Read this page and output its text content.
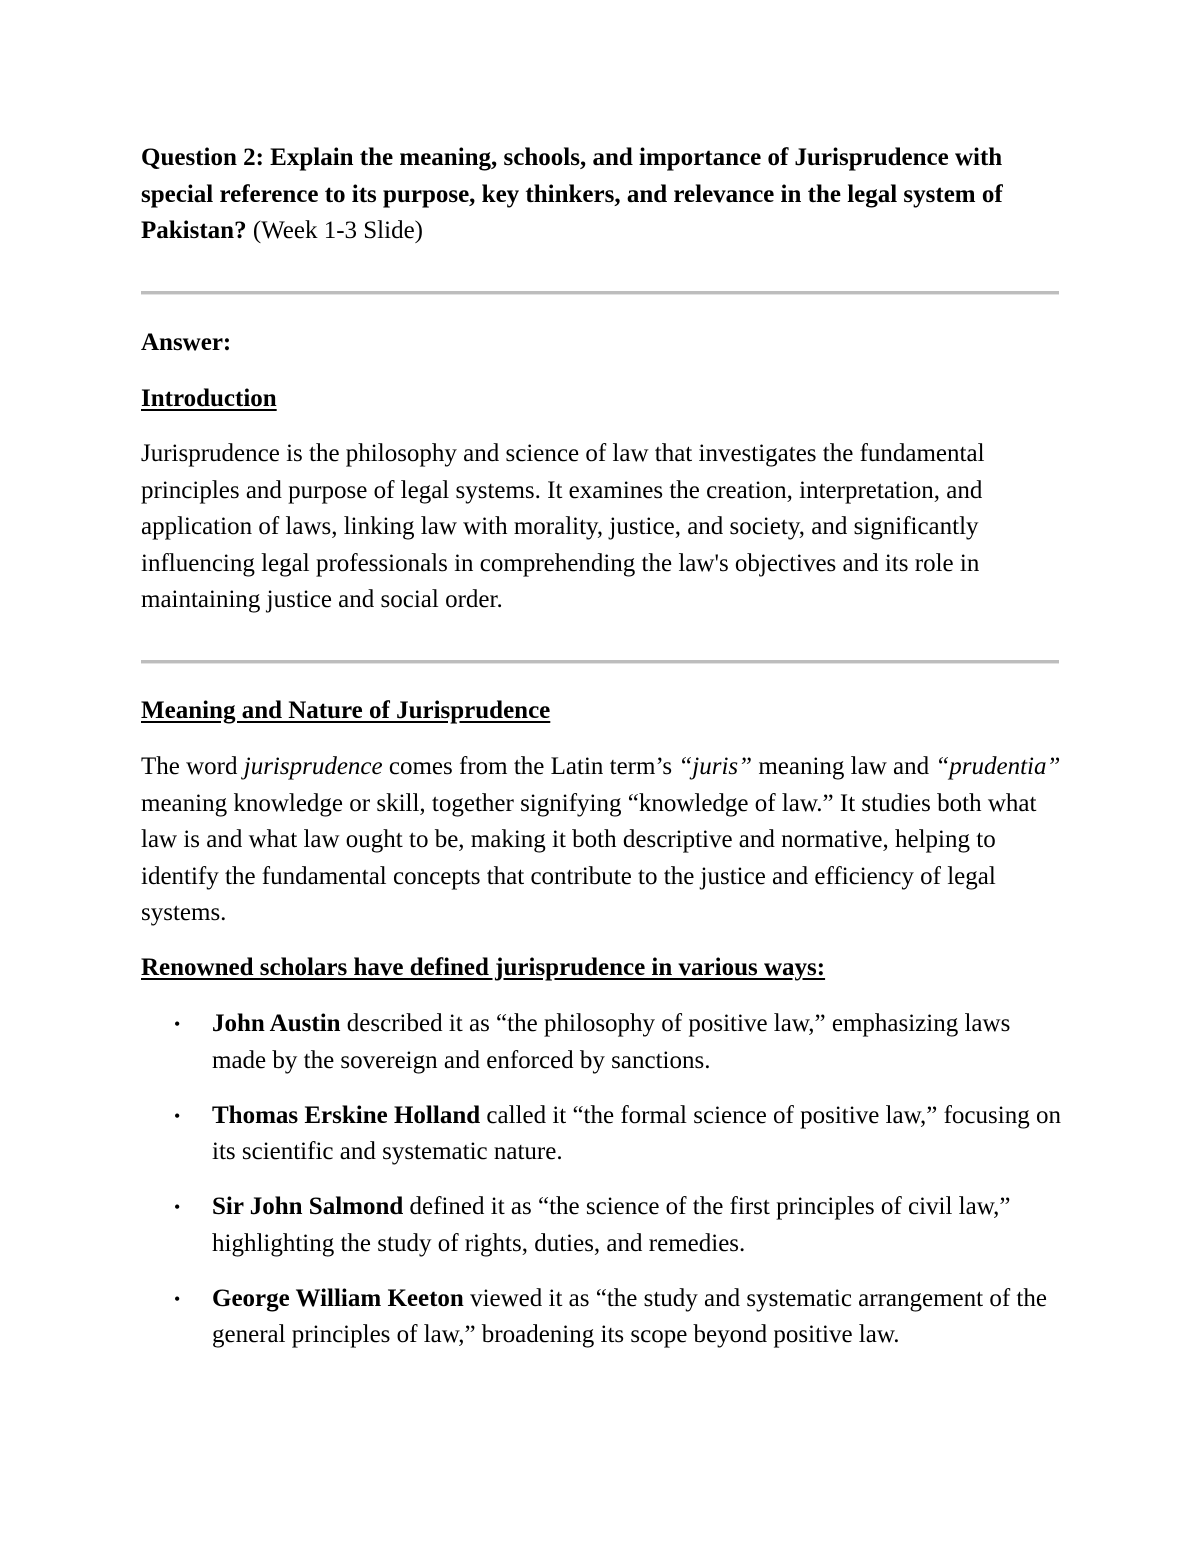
Question 2: Explain the meaning, schools, and importance of Jurisprudence with special reference to its purpose, key thinkers, and relevance in the legal system of Pakistan? (Week 1-3 Slide)

Answer:

Introduction

Jurisprudence is the philosophy and science of law that investigates the fundamental principles and purpose of legal systems. It examines the creation, interpretation, and application of laws, linking law with morality, justice, and society, and significantly influencing legal professionals in comprehending the law's objectives and its role in maintaining justice and social order.

Meaning and Nature of Jurisprudence

The word jurisprudence comes from the Latin term’s “juris” meaning law and “prudentia” meaning knowledge or skill, together signifying “knowledge of law.” It studies both what law is and what law ought to be, making it both descriptive and normative, helping to identify the fundamental concepts that contribute to the justice and efficiency of legal systems.

Renowned scholars have defined jurisprudence in various ways:

• John Austin described it as “the philosophy of positive law,” emphasizing laws made by the sovereign and enforced by sanctions.
• Thomas Erskine Holland called it “the formal science of positive law,” focusing on its scientific and systematic nature.
• Sir John Salmond defined it as “the science of the first principles of civil law,” highlighting the study of rights, duties, and remedies.
• George William Keeton viewed it as “the study and systematic arrangement of the general principles of law,” broadening its scope beyond positive law.
